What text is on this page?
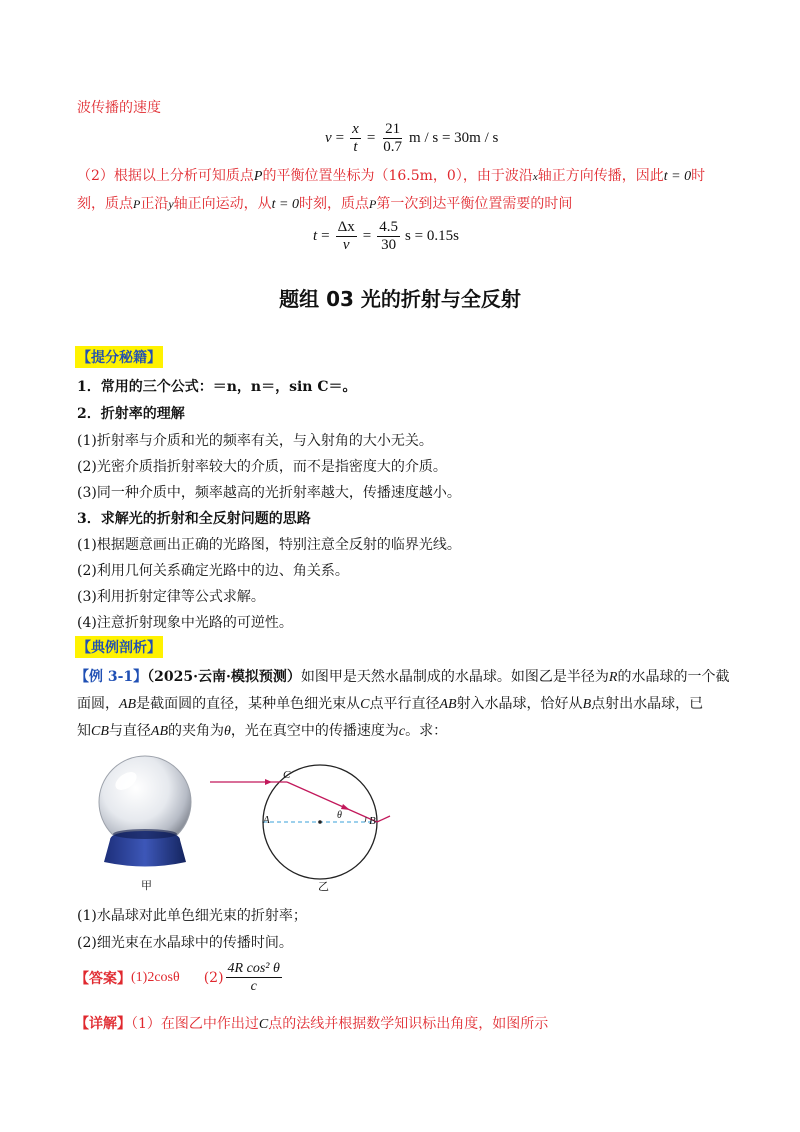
波传播的速度
$v = \frac{x}{t} = \frac{21}{0.7}$ m / s = 30m / s
（2）根据以上分析可知质点P的平衡位置坐标为（16.5m，0），由于波沿x轴正方向传播，因此t = 0时
刻，质点P正沿y轴正向运动，从t = 0时刻，质点P第一次到达平衡位置需要的时间
$t = \frac{\Delta x}{v} = \frac{4.5}{30}$ s = 0.15s
题组 03 光的折射与全反射
【提分秘籍】
1．常用的三个公式：＝n，n＝，sin C＝。
2．折射率的理解
(1)折射率与介质和光的频率有关，与入射角的大小无关。
(2)光密介质指折射率较大的介质，而不是指密度大的介质。
(3)同一种介质中，频率越高的光折射率越大，传播速度越小。
3．求解光的折射和全反射问题的思路
(1)根据题意画出正确的光路图，特别注意全反射的临界光线。
(2)利用几何关系确定光路中的边、角关系。
(3)利用折射定律等公式求解。
(4)注意折射现象中光路的可逆性。
【典例剖析】
【例 3-1】（2025·云南·模拟预测）如图甲是天然水晶制成的水晶球。如图乙是半径为R的水晶球的一个截
面圆，AB是截面圆的直径，某种单色细光束从C点平行直径AB射入水晶球，恰好从B点射出水晶球，已
知CB与直径AB的夹角为θ，光在真空中的传播速度为c。求：
甲
C
A	B
θ
乙
(1)水晶球对此单色细光束的折射率；
(2)细光束在水晶球中的传播时间。
【答案】 (1)2cosθ $(2) \frac{\text{4R cos² θ}}{c}$
【详解】（1）在图乙中作出过C点的法线并根据数学知识标出角度，如图所示
